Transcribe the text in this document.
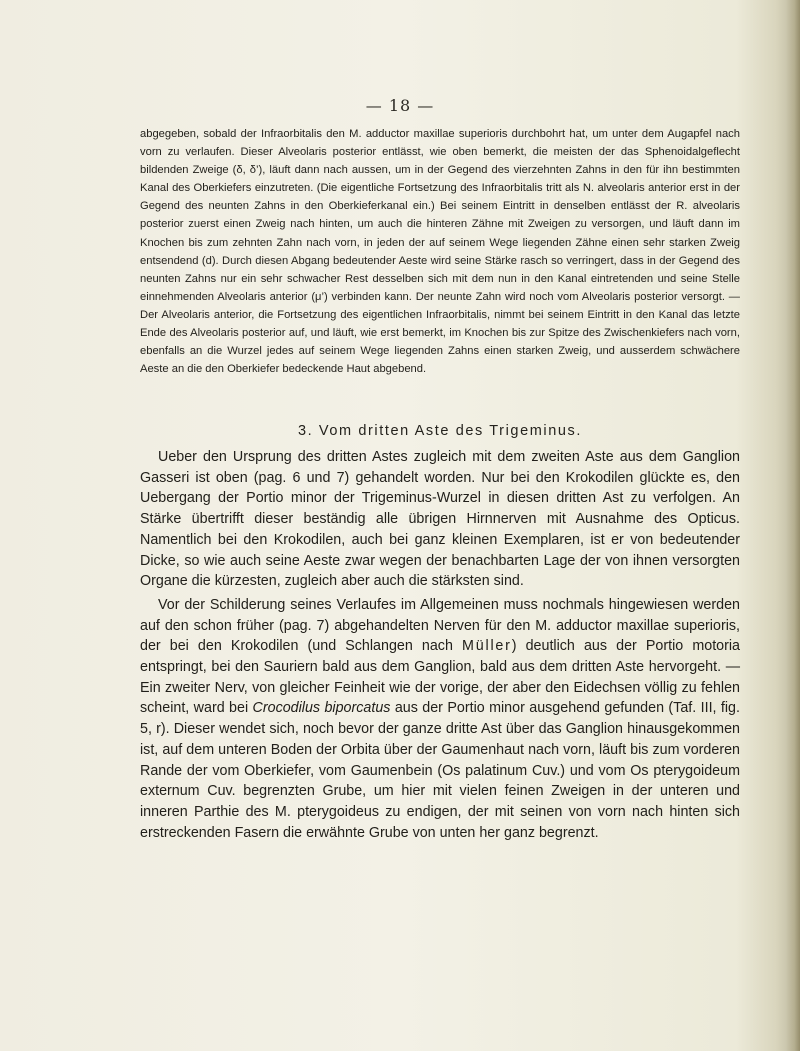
— 18 —

abgegeben, sobald der Infraorbitalis den M. adductor maxillae superioris durchbohrt hat, um unter dem Augapfel nach vorn zu verlaufen. Dieser Alveolaris posterior entlässt, wie oben bemerkt, die meisten der das Sphenoidalgeflecht bildenden Zweige (δ, δ’), läuft dann nach aussen, um in der Gegend des vierzehnten Zahns in den für ihn bestimmten Kanal des Oberkiefers einzutreten. (Die eigentliche Fortsetzung des Infraorbitalis tritt als N. alveolaris anterior erst in der Gegend des neunten Zahns in den Oberkieferkanal ein.) Bei seinem Eintritt in denselben entlässt der R. alveolaris posterior zuerst einen Zweig nach hinten, um auch die hinteren Zähne mit Zweigen zu versorgen, und läuft dann im Knochen bis zum zehnten Zahn nach vorn, in jeden der auf seinem Wege liegenden Zähne einen sehr starken Zweig entsendend (d). Durch diesen Abgang bedeutender Aeste wird seine Stärke rasch so verringert, dass in der Gegend des neunten Zahns nur ein sehr schwacher Rest desselben sich mit dem nun in den Kanal eintretenden und seine Stelle einnehmenden Alveolaris anterior (μ’) verbinden kann. Der neunte Zahn wird noch vom Alveolaris posterior versorgt. — Der Alveolaris anterior, die Fortsetzung des eigentlichen Infraorbitalis, nimmt bei seinem Eintritt in den Kanal das letzte Ende des Alveolaris posterior auf, und läuft, wie erst bemerkt, im Knochen bis zur Spitze des Zwischenkiefers nach vorn, ebenfalls an die Wurzel jedes auf seinem Wege liegenden Zahns einen starken Zweig, und ausserdem schwächere Aeste an die den Oberkiefer bedeckende Haut abgebend.

3. Vom dritten Aste des Trigeminus.

Ueber den Ursprung des dritten Astes zugleich mit dem zweiten Aste aus dem Ganglion Gasseri ist oben (pag. 6 und 7) gehandelt worden. Nur bei den Krokodilen glückte es, den Uebergang der Portio minor der Trigeminus-Wurzel in diesen dritten Ast zu verfolgen. An Stärke übertrifft dieser beständig alle übrigen Hirnnerven mit Ausnahme des Opticus. Namentlich bei den Krokodilen, auch bei ganz kleinen Exemplaren, ist er von bedeutender Dicke, so wie auch seine Aeste zwar wegen der benachbarten Lage der von ihnen versorgten Organe die kürzesten, zugleich aber auch die stärksten sind.

Vor der Schilderung seines Verlaufes im Allgemeinen muss nochmals hingewiesen werden auf den schon früher (pag. 7) abgehandelten Nerven für den M. adductor maxillae superioris, der bei den Krokodilen (und Schlangen nach Müller) deutlich aus der Portio motoria entspringt, bei den Sauriern bald aus dem Ganglion, bald aus dem dritten Aste hervorgeht. — Ein zweiter Nerv, von gleicher Feinheit wie der vorige, der aber den Eidechsen völlig zu fehlen scheint, ward bei Crocodilus biporcatus aus der Portio minor ausgehend gefunden (Taf. III, fig. 5, r). Dieser wendet sich, noch bevor der ganze dritte Ast über das Ganglion hinausgekommen ist, auf dem unteren Boden der Orbita über der Gaumenhaut nach vorn, läuft bis zum vorderen Rande der vom Oberkiefer, vom Gaumenbein (Os palatinum Cuv.) und vom Os pterygoideum externum Cuv. begrenzten Grube, um hier mit vielen feinen Zweigen in der unteren und inneren Parthie des M. pterygoideus zu endigen, der mit seinen von vorn nach hinten sich erstreckenden Fasern die erwähnte Grube von unten her ganz begrenzt.
